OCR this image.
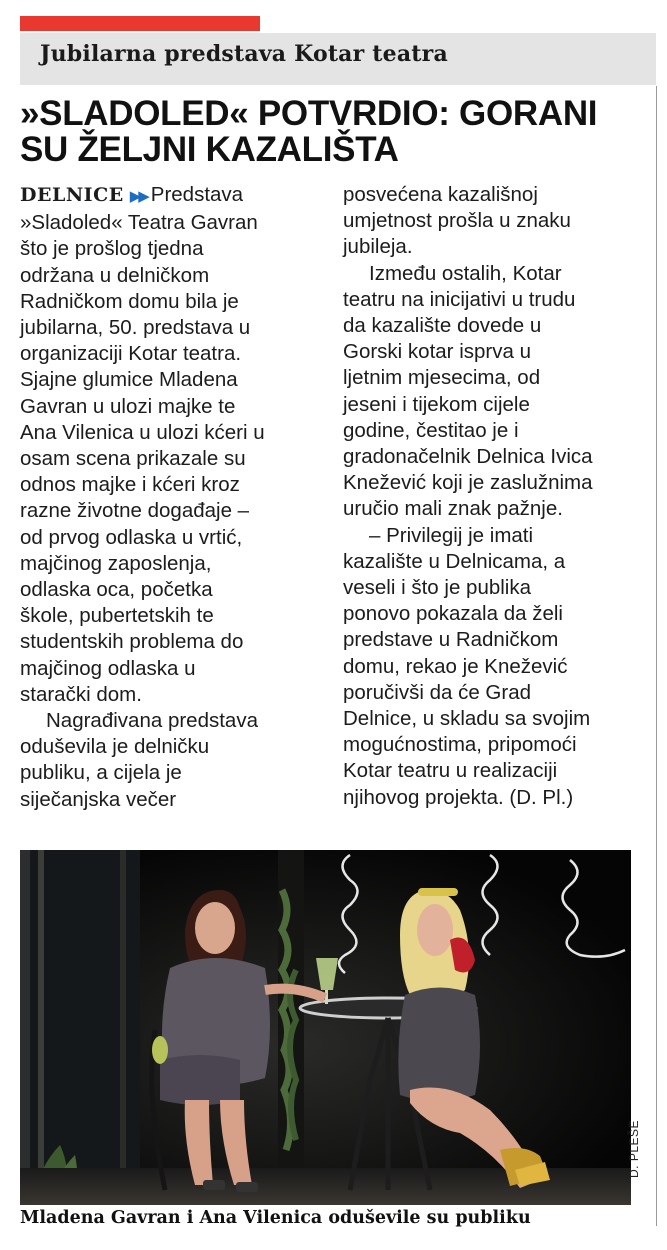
Jubilarna predstava Kotar teatra
»SLADOLED« POTVRDIO: GORANI
SU ŽELJNI KAZALIŠTA
DELNICE ▶▶ Predstava
»Sladoled« Teatra Gavran
što je prošlog tjedna
održana u delničkom
Radničkom domu bila je
jubilarna, 50. predstava u
organizaciji Kotar teatra.
Sjajne glumice Mladena
Gavran u ulozi majke te
Ana Vilenica u ulozi kćeri u
osam scena prikazale su
odnos majke i kćeri kroz
razne životne događaje –
od prvog odlaska u vrtić,
majčinog zaposlenja,
odlaska oca, početka
škole, pubertetskih te
studentskih problema do
majčinog odlaska u
starački dom.
Nagrađivana predstava
oduševila je delničku
publiku, a cijela je
siječanjska večer
posvećena kazališnoj
umjetnost prošla u znaku
jubileja.
Između ostalih, Kotar
teatru na inicijativi u trudu
da kazalište dovede u
Gorski kotar isprva u
ljetnim mjesecima, od
jeseni i tijekom cijele
godine, čestitao je i
gradonačelnik Delnica Ivica
Knežević koji je zaslužnima
uručio mali znak pažnje.
– Privilegij je imati
kazalište u Delnicama, a
veseli i što je publika
ponovo pokazala da želi
predstave u Radničkom
domu, rekao je Knežević
poručivši da će Grad
Delnice, u skladu sa svojim
mogućnostima, pripomoći
Kotar teatru u realizaciji
njihovog projekta. (D. Pl.)
D. PLEŠE
Mladena Gavran i Ana Vilenica oduševile su publiku
